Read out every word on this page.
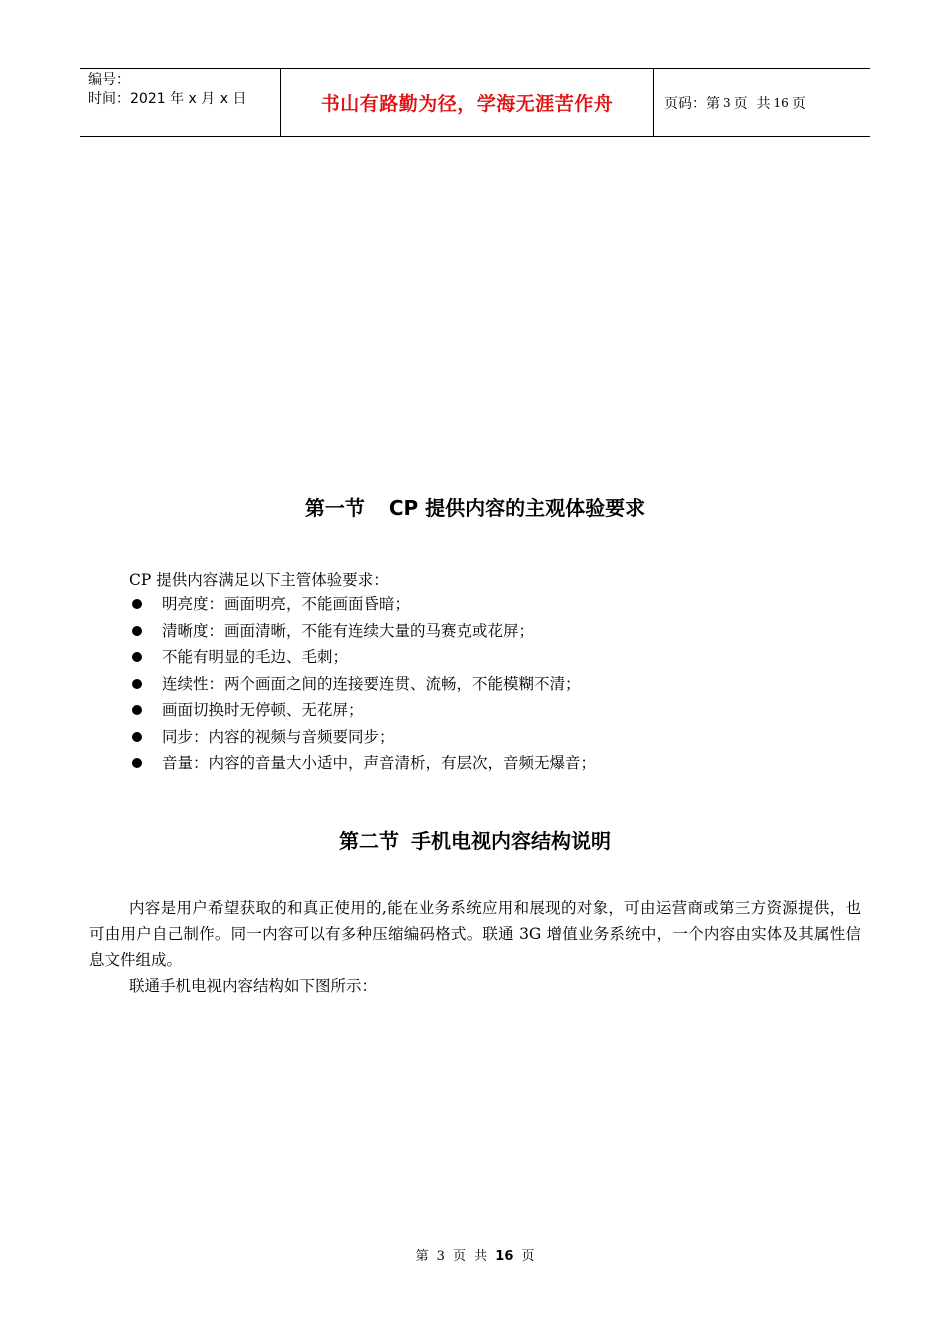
编号：
时间：2021 年 x 月 x 日	书山有路勤为径，学海无涯苦作舟	页码：第 3 页  共 16 页
第一节 CP 提供内容的主观体验要求
CP 提供内容满足以下主管体验要求：
明亮度：画面明亮，不能画面昏暗；
清晰度：画面清晰，不能有连续大量的马赛克或花屏；
不能有明显的毛边、毛刺；
连续性：两个画面之间的连接要连贯、流畅，不能模糊不清；
画面切换时无停顿、无花屏；
同步：内容的视频与音频要同步；
音量：内容的音量大小适中，声音清析，有层次，音频无爆音；
第二节 手机电视内容结构说明

内容是用户希望获取的和真正使用的,能在业务系统应用和展现的对象，可由运营商或第三方资源提供，也可由用户自己制作。同一内容可以有多种压缩编码格式。联通 3G 增值业务系统中，一个内容由实体及其属性信息文件组成。

联通手机电视内容结构如下图所示：

第 3 页 共 16 页
